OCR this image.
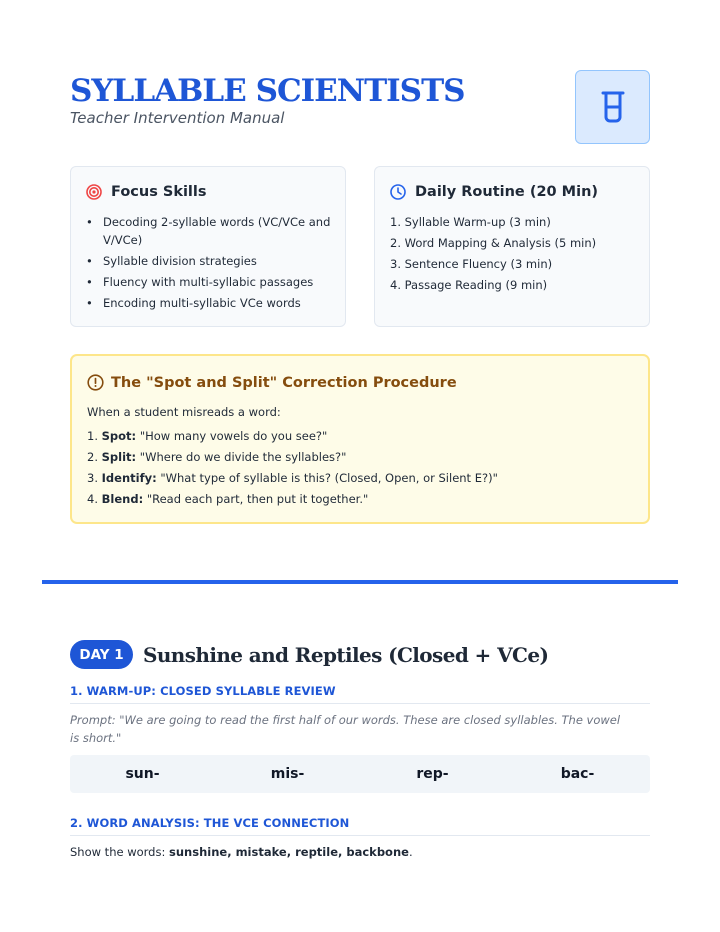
SYLLABLE SCIENTISTS
Teacher Intervention Manual
Focus Skills
• Decoding 2-syllable words (VC/VCe and V/VCe)
• Syllable division strategies
• Fluency with multi-syllabic passages
• Encoding multi-syllabic VCe words
Daily Routine (20 Min)
1. Syllable Warm-up (3 min)
2. Word Mapping & Analysis (5 min)
3. Sentence Fluency (3 min)
4. Passage Reading (9 min)
The "Spot and Split" Correction Procedure
When a student misreads a word:
1. Spot: "How many vowels do you see?"
2. Split: "Where do we divide the syllables?"
3. Identify: "What type of syllable is this? (Closed, Open, or Silent E?)"
4. Blend: "Read each part, then put it together."
DAY 1 Sunshine and Reptiles (Closed + VCe)
1. WARM-UP: CLOSED SYLLABLE REVIEW
Prompt: "We are going to read the first half of our words. These are closed syllables. The vowel is short."
sun-	mis-	rep-	bac-
2. WORD ANALYSIS: THE VCE CONNECTION
Show the words: sunshine, mistake, reptile, backbone.
